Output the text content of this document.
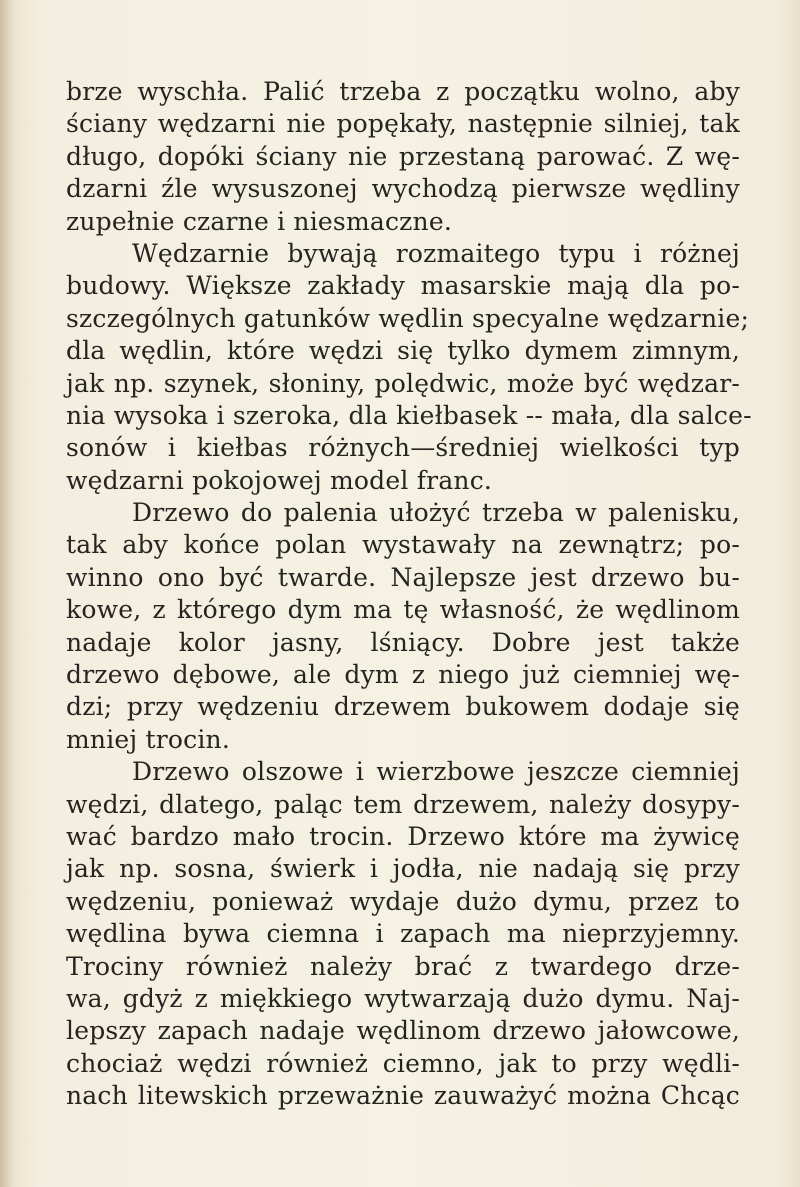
brze wyschła. Palić trzeba z początku wolno, aby
ściany wędzarni nie popękały, następnie silniej, tak
długo, dopóki ściany nie przestaną parować. Z wę-
dzarni źle wysuszonej wychodzą pierwsze wędliny
zupełnie czarne i niesmaczne.
Wędzarnie bywają rozmaitego typu i różnej
budowy. Większe zakłady masarskie mają dla po-
szczególnych gatunków wędlin specyalne wędzarnie;
dla wędlin, które wędzi się tylko dymem zimnym,
jak np. szynek, słoniny, polędwic, może być wędzar-
nia wysoka i szeroka, dla kiełbasek -- mała, dla salce-
sonów i kiełbas różnych—średniej wielkości typ
wędzarni pokojowej model franc.
Drzewo do palenia ułożyć trzeba w palenisku,
tak aby końce polan wystawały na zewnątrz; po-
winno ono być twarde. Najlepsze jest drzewo bu-
kowe, z którego dym ma tę własność, że wędlinom
nadaje kolor jasny, lśniący. Dobre jest także
drzewo dębowe, ale dym z niego już ciemniej wę-
dzi; przy wędzeniu drzewem bukowem dodaje się
mniej trocin.
Drzewo olszowe i wierzbowe jeszcze ciemniej
wędzi, dlatego, paląc tem drzewem, należy dosypy-
wać bardzo mało trocin. Drzewo które ma żywicę
jak np. sosna, świerk i jodła, nie nadają się przy
wędzeniu, ponieważ wydaje dużo dymu, przez to
wędlina bywa ciemna i zapach ma nieprzyjemny.
Trociny również należy brać z twardego drze-
wa, gdyż z miękkiego wytwarzają dużo dymu. Naj-
lepszy zapach nadaje wędlinom drzewo jałowcowe,
chociaż wędzi również ciemno, jak to przy wędli-
nach litewskich przeważnie zauważyć można Chcąc
